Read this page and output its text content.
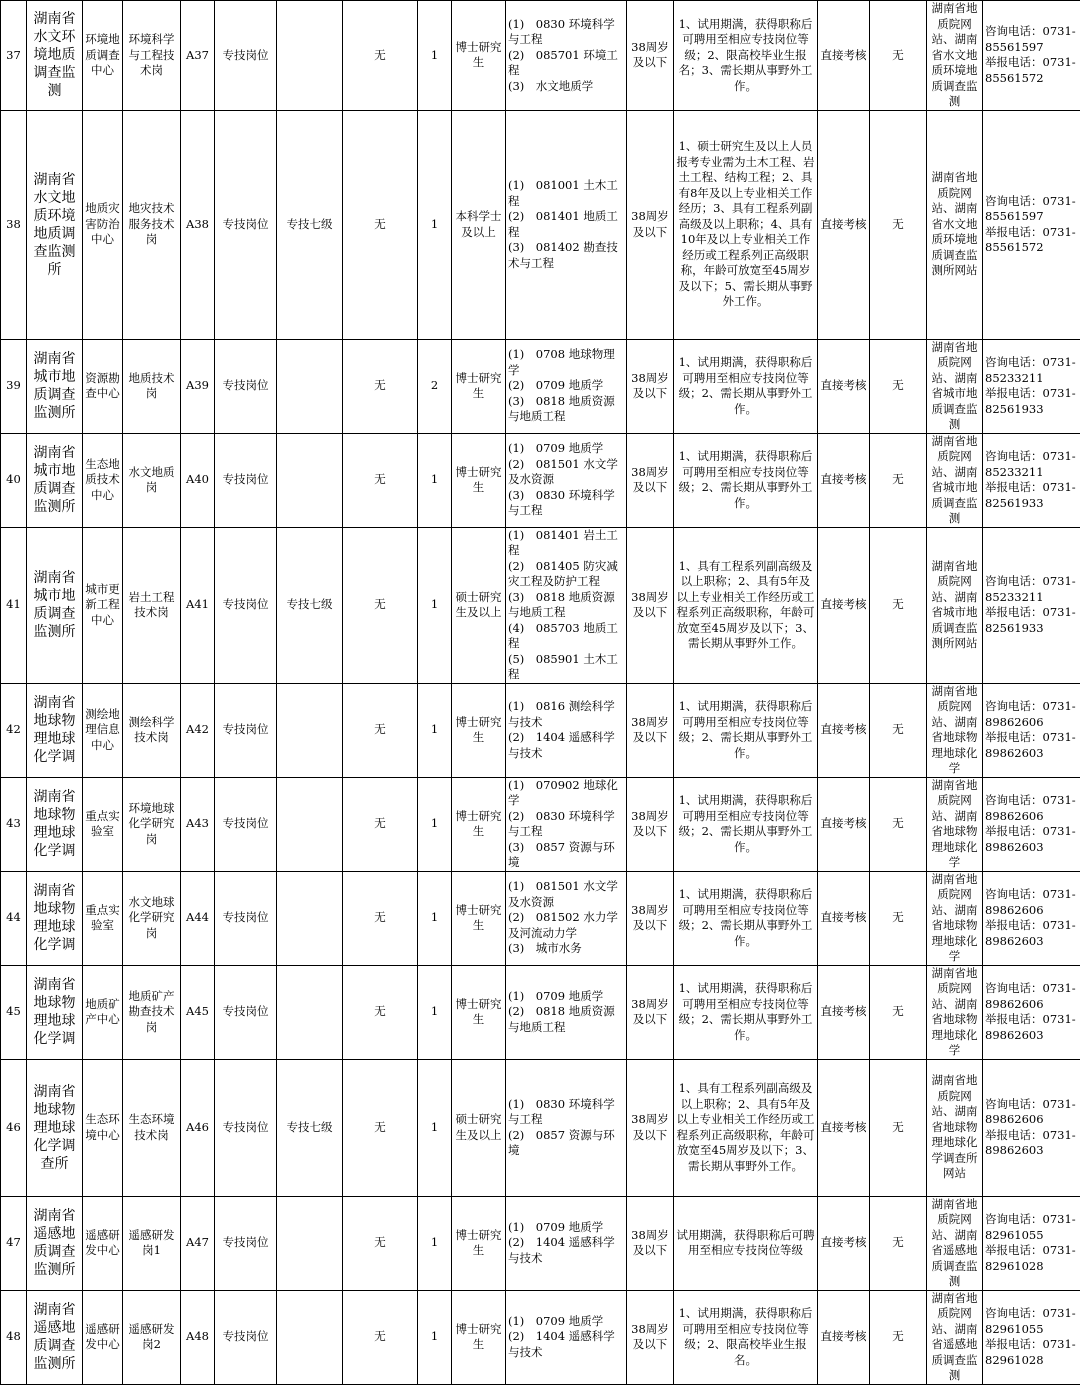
37	湖南省水文环境地质调查监测	环境地质调查中心	环境科学与工程技术岗	A37	专技岗位		无	1	博士研究生	(1)　0830 环境科学与工程
(2)　085701 环境工程
(3)　水文地质学	38周岁及以下	1、试用期满，获得职称后可聘用至相应专技岗位等级；2、限高校毕业生报名；3、需长期从事野外工作。	直接考核	无	湖南省地质院网站、湖南省水文地质环境地质调查监测	咨询电话：0731-85561597
举报电话：0731-85561572

38	湖南省水文地质环境地质调查监测所	地质灾害防治中心	地灾技术服务技术岗	A38	专技岗位	专技七级	无	1	本科学士及以上	(1)　081001 土木工程
(2)　081401 地质工程
(3)　081402 勘查技术与工程	38周岁及以下	1、硕士研究生及以上人员报考专业需为土木工程、岩土工程、结构工程；2、具有8年及以上专业相关工作经历；3、具有工程系列副高级及以上职称；4、具有10年及以上专业相关工作经历或工程系列正高级职称，年龄可放宽至45周岁及以下；5、需长期从事野外工作。	直接考核	无	湖南省地质院网站、湖南省水文地质环境地质调查监测所网站	咨询电话：0731-85561597
举报电话：0731-85561572

39	湖南省城市地质调查监测所	资源勘查中心	地质技术岗	A39	专技岗位		无	2	博士研究生	(1)　0708 地球物理学
(2)　0709 地质学
(3)　0818 地质资源与地质工程	38周岁及以下	1、试用期满，获得职称后可聘用至相应专技岗位等级；2、需长期从事野外工作。	直接考核	无	湖南省地质院网站、湖南省城市地质调查监测	咨询电话：0731-85233211
举报电话：0731-82561933

40	湖南省城市地质调查监测所	生态地质技术中心	水文地质岗	A40	专技岗位		无	1	博士研究生	(1)　0709 地质学
(2)　081501 水文学及水资源
(3)　0830 环境科学与工程	38周岁及以下	1、试用期满，获得职称后可聘用至相应专技岗位等级；2、需长期从事野外工作。	直接考核	无	湖南省地质院网站、湖南省城市地质调查监测	咨询电话：0731-85233211
举报电话：0731-82561933

41	湖南省城市地质调查监测所	城市更新工程中心	岩土工程技术岗	A41	专技岗位	专技七级	无	1	硕士研究生及以上	(1)　081401 岩土工程
(2)　081405 防灾减灾工程及防护工程
(3)　0818 地质资源与地质工程
(4)　085703 地质工程
(5)　085901 土木工程	38周岁及以下	1、具有工程系列副高级及以上职称；2、具有5年及以上专业相关工作经历或工程系列正高级职称，年龄可放宽至45周岁及以下；3、需长期从事野外工作。	直接考核	无	湖南省地质院网站、湖南省城市地质调查监测所网站	咨询电话：0731-85233211
举报电话：0731-82561933

42	湖南省地球物理地球化学调	测绘地理信息中心	测绘科学技术岗	A42	专技岗位		无	1	博士研究生	(1)　0816 测绘科学与技术
(2)　1404 遥感科学与技术	38周岁及以下	1、试用期满，获得职称后可聘用至相应专技岗位等级；2、需长期从事野外工作。	直接考核	无	湖南省地质院网站、湖南省地球物理地球化学	咨询电话：0731-89862606
举报电话：0731-89862603

43	湖南省地球物理地球化学调	重点实验室	环境地球化学研究岗	A43	专技岗位		无	1	博士研究生	(1)　070902 地球化学
(2)　0830 环境科学与工程
(3)　0857 资源与环境	38周岁及以下	1、试用期满，获得职称后可聘用至相应专技岗位等级；2、需长期从事野外工作。	直接考核	无	湖南省地质院网站、湖南省地球物理地球化学	咨询电话：0731-89862606
举报电话：0731-89862603

44	湖南省地球物理地球化学调	重点实验室	水文地球化学研究岗	A44	专技岗位		无	1	博士研究生	(1)　081501 水文学及水资源
(2)　081502 水力学及河流动力学
(3)　城市水务	38周岁及以下	1、试用期满，获得职称后可聘用至相应专技岗位等级；2、需长期从事野外工作。	直接考核	无	湖南省地质院网站、湖南省地球物理地球化学	咨询电话：0731-89862606
举报电话：0731-89862603

45	湖南省地球物理地球化学调	地质矿产中心	地质矿产勘查技术岗	A45	专技岗位		无	1	博士研究生	(1)　0709 地质学
(2)　0818 地质资源与地质工程	38周岁及以下	1、试用期满，获得职称后可聘用至相应专技岗位等级；2、需长期从事野外工作。	直接考核	无	湖南省地质院网站、湖南省地球物理地球化学	咨询电话：0731-89862606
举报电话：0731-89862603

46	湖南省地球物理地球化学调查所	生态环境中心	生态环境技术岗	A46	专技岗位	专技七级	无	1	硕士研究生及以上	(1)　0830 环境科学与工程
(2)　0857 资源与环境	38周岁及以下	1、具有工程系列副高级及以上职称；2、具有5年及以上专业相关工作经历或工程系列正高级职称，年龄可放宽至45周岁及以下；3、需长期从事野外工作。	直接考核	无	湖南省地质院网站、湖南省地球物理地球化学调查所网站	咨询电话：0731-89862606
举报电话：0731-89862603

47	湖南省遥感地质调查监测所	遥感研发中心	遥感研发岗1	A47	专技岗位		无	1	博士研究生	(1)　0709 地质学
(2)　1404 遥感科学与技术	38周岁及以下	试用期满，获得职称后可聘用至相应专技岗位等级	直接考核	无	湖南省地质院网站、湖南省遥感地质调查监测	咨询电话：0731-82961055
举报电话：0731-82961028

48	湖南省遥感地质调查监测所	遥感研发中心	遥感研发岗2	A48	专技岗位		无	1	博士研究生	(1)　0709 地质学
(2)　1404 遥感科学与技术	38周岁及以下	1、试用期满，获得职称后可聘用至相应专技岗位等级；2、限高校毕业生报名。	直接考核	无	湖南省地质院网站、湖南省遥感地质调查监测	咨询电话：0731-82961055
举报电话：0731-82961028
